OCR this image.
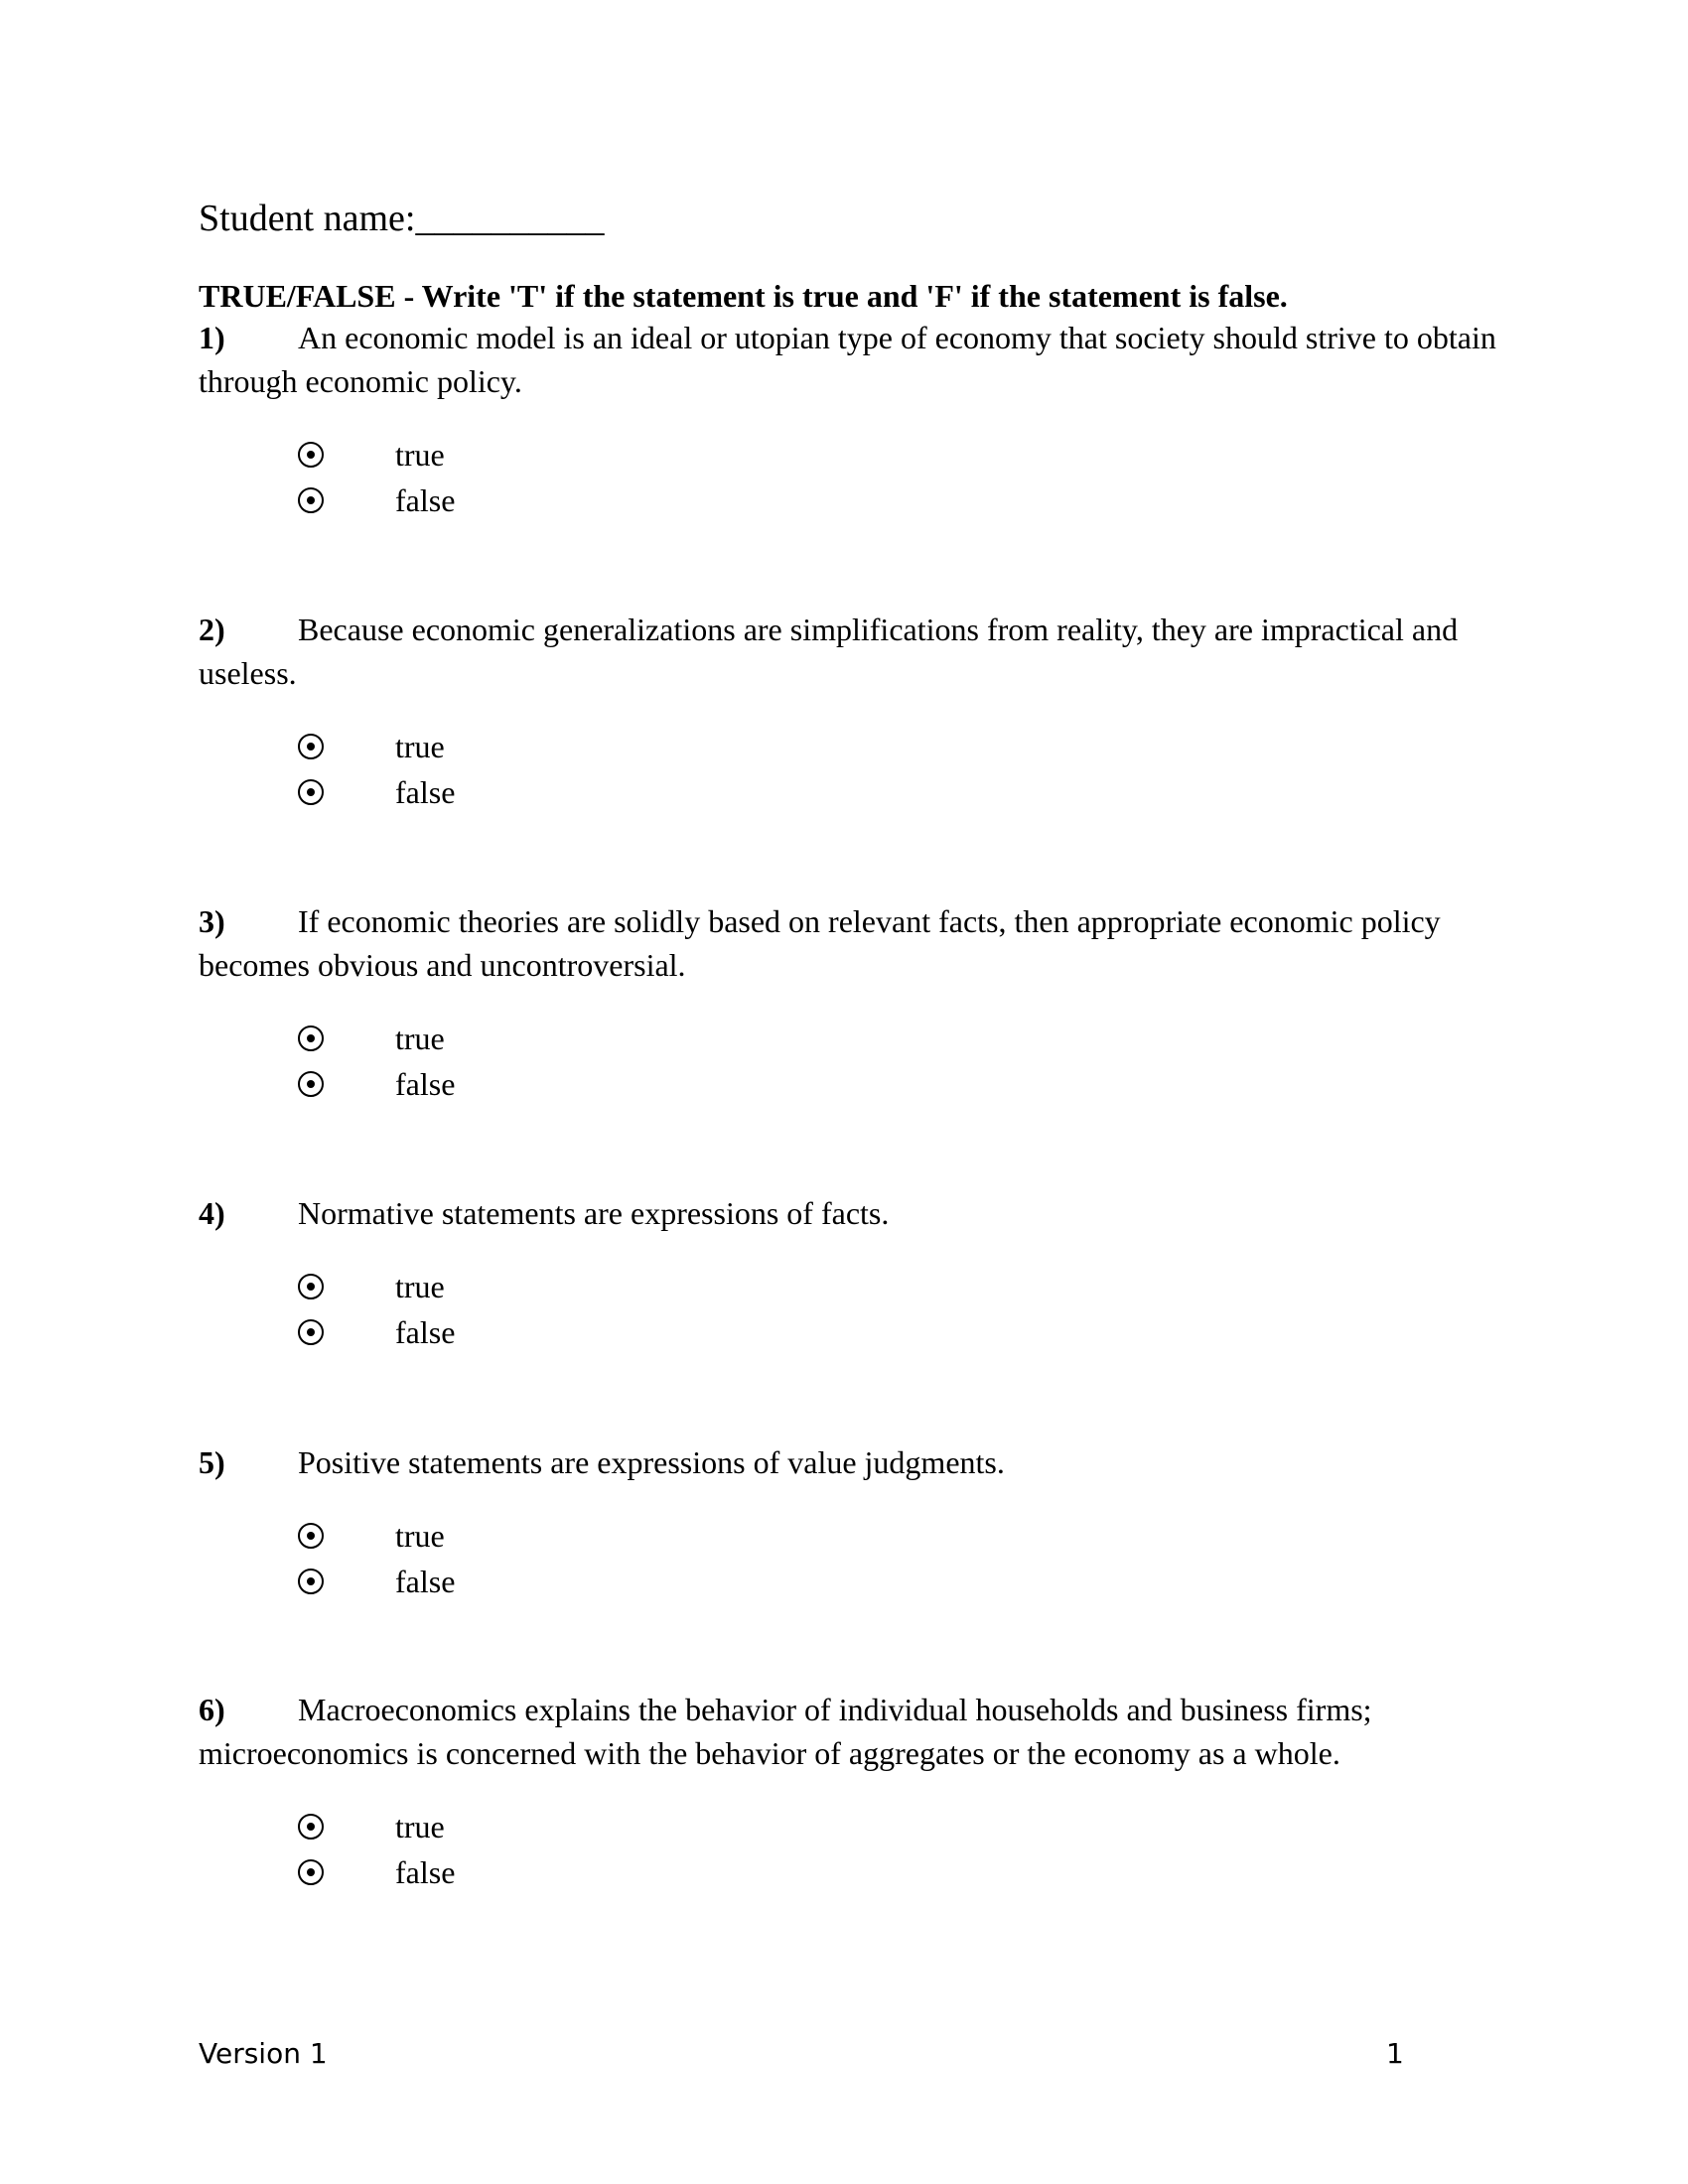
Student name:__________
TRUE/FALSE - Write 'T' if the statement is true and 'F' if the statement is false.
1) An economic model is an ideal or utopian type of economy that society should strive to obtain through economic policy.
true
false
2) Because economic generalizations are simplifications from reality, they are impractical and useless.
true
false
3) If economic theories are solidly based on relevant facts, then appropriate economic policy becomes obvious and uncontroversial.
true
false
4) Normative statements are expressions of facts.
true
false
5) Positive statements are expressions of value judgments.
true
false
6) Macroeconomics explains the behavior of individual households and business firms; microeconomics is concerned with the behavior of aggregates or the economy as a whole.
true
false
Version 1	1
